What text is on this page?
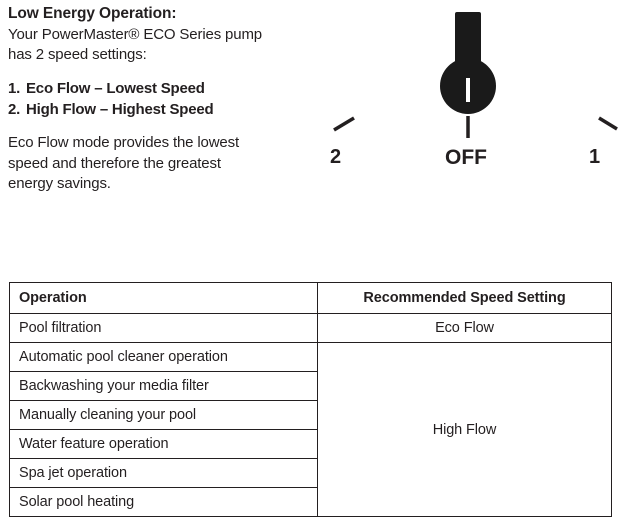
Low Energy Operation:

Your PowerMaster® ECO Series pump

has 2 speed settings:

1. Eco Flow – Lowest Speed
2. High Flow – Highest Speed

Eco Flow mode provides the lowest

speed and therefore the greatest

energy savings.

2	OFF	1
Operation	Recommended Speed Setting
Pool filtration	Eco Flow
Automatic pool cleaner operation	High Flow
Backwashing your media filter	
Manually cleaning your pool	
Water feature operation	
Spa jet operation	
Solar pool heating	
